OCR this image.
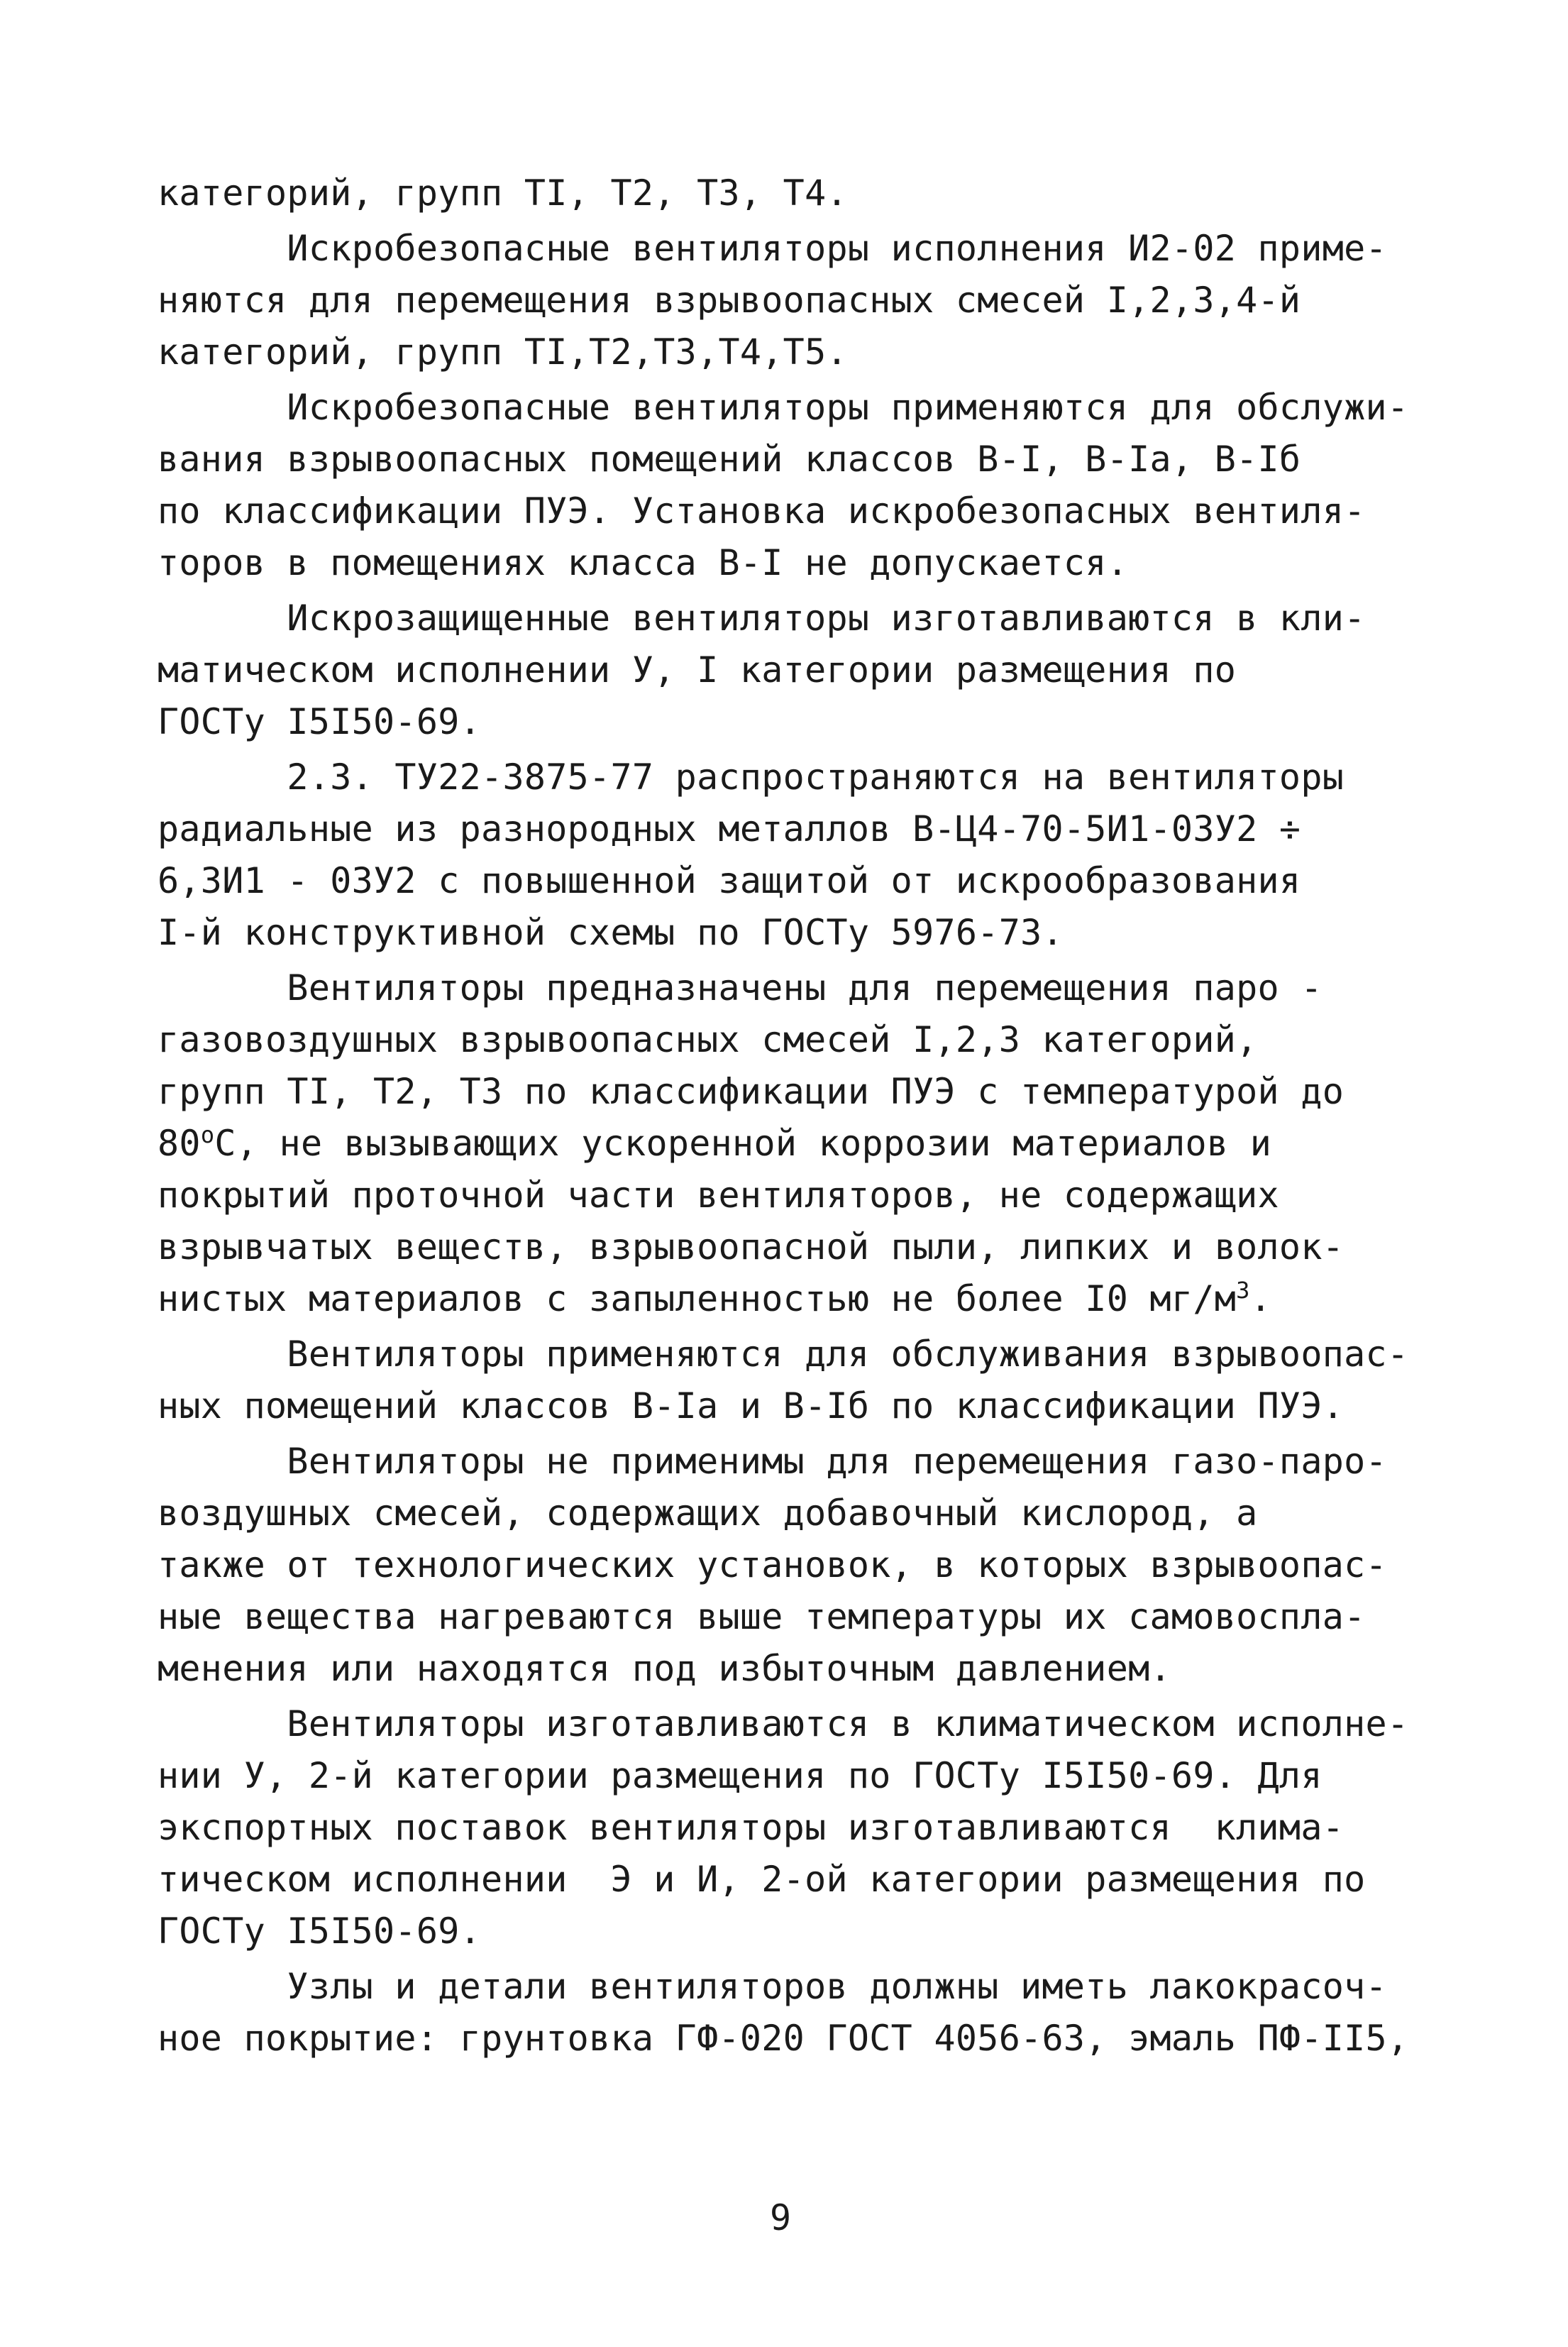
категорий, групп TI, T2, T3, T4.
Искробезопасные вентиляторы исполнения И2-02 приме-
няются для перемещения взрывоопасных смесей I,2,3,4-й
категорий, групп TI,T2,T3,T4,T5.
Искробезопасные вентиляторы применяются для обслужи-
вания взрывоопасных помещений классов В-I, В-Iа, В-Iб
по классификации ПУЭ. Установка искробезопасных вентиля-
торов в помещениях класса В-I не допускается.
Искрозащищенные вентиляторы изготавливаются в кли-
матическом исполнении У, I категории размещения по
ГОСТу I5I50-69.
2.3. ТУ22-3875-77 распространяются на вентиляторы
радиальные из разнородных металлов В-Ц4-70-5И1-03У2 ÷
6,3И1 - 03У2 с повышенной защитой от искрообразования
I-й конструктивной схемы по ГОСТу 5976-73.
Вентиляторы предназначены для перемещения паро -
газовоздушных взрывоопасных смесей I,2,3 категорий,
групп TI, T2, T3 по классификации ПУЭ с температурой до
$80^оС$, не вызывающих ускоренной коррозии материалов и
покрытий проточной части вентиляторов, не содержащих
взрывчатых веществ, взрывоопасной пыли, липких и волок-
нистых материалов с запыленностью не более I0 $мг/м^3$.
Вентиляторы применяются для обслуживания взрывоопас-
ных помещений классов В-Iа и В-Iб по классификации ПУЭ.
Вентиляторы не применимы для перемещения газо-паро-
воздушных смесей, содержащих добавочный кислород, а
также от технологических установок, в которых взрывоопас-
ные вещества нагреваются выше температуры их самовоспла-
менения или находятся под избыточным давлением.
Вентиляторы изготавливаются в климатическом исполне-
нии У, 2-й категории размещения по ГОСТу I5I50-69. Для
экспортных поставок вентиляторы изготавливаются  клима-
тическом исполнении  Э и И, 2-ой категории размещения по
ГОСТу I5I50-69.
Узлы и детали вентиляторов должны иметь лакокрасоч-
ное покрытие: грунтовка ГФ-020 ГОСТ 4056-63, эмаль ПФ-II5,
9
